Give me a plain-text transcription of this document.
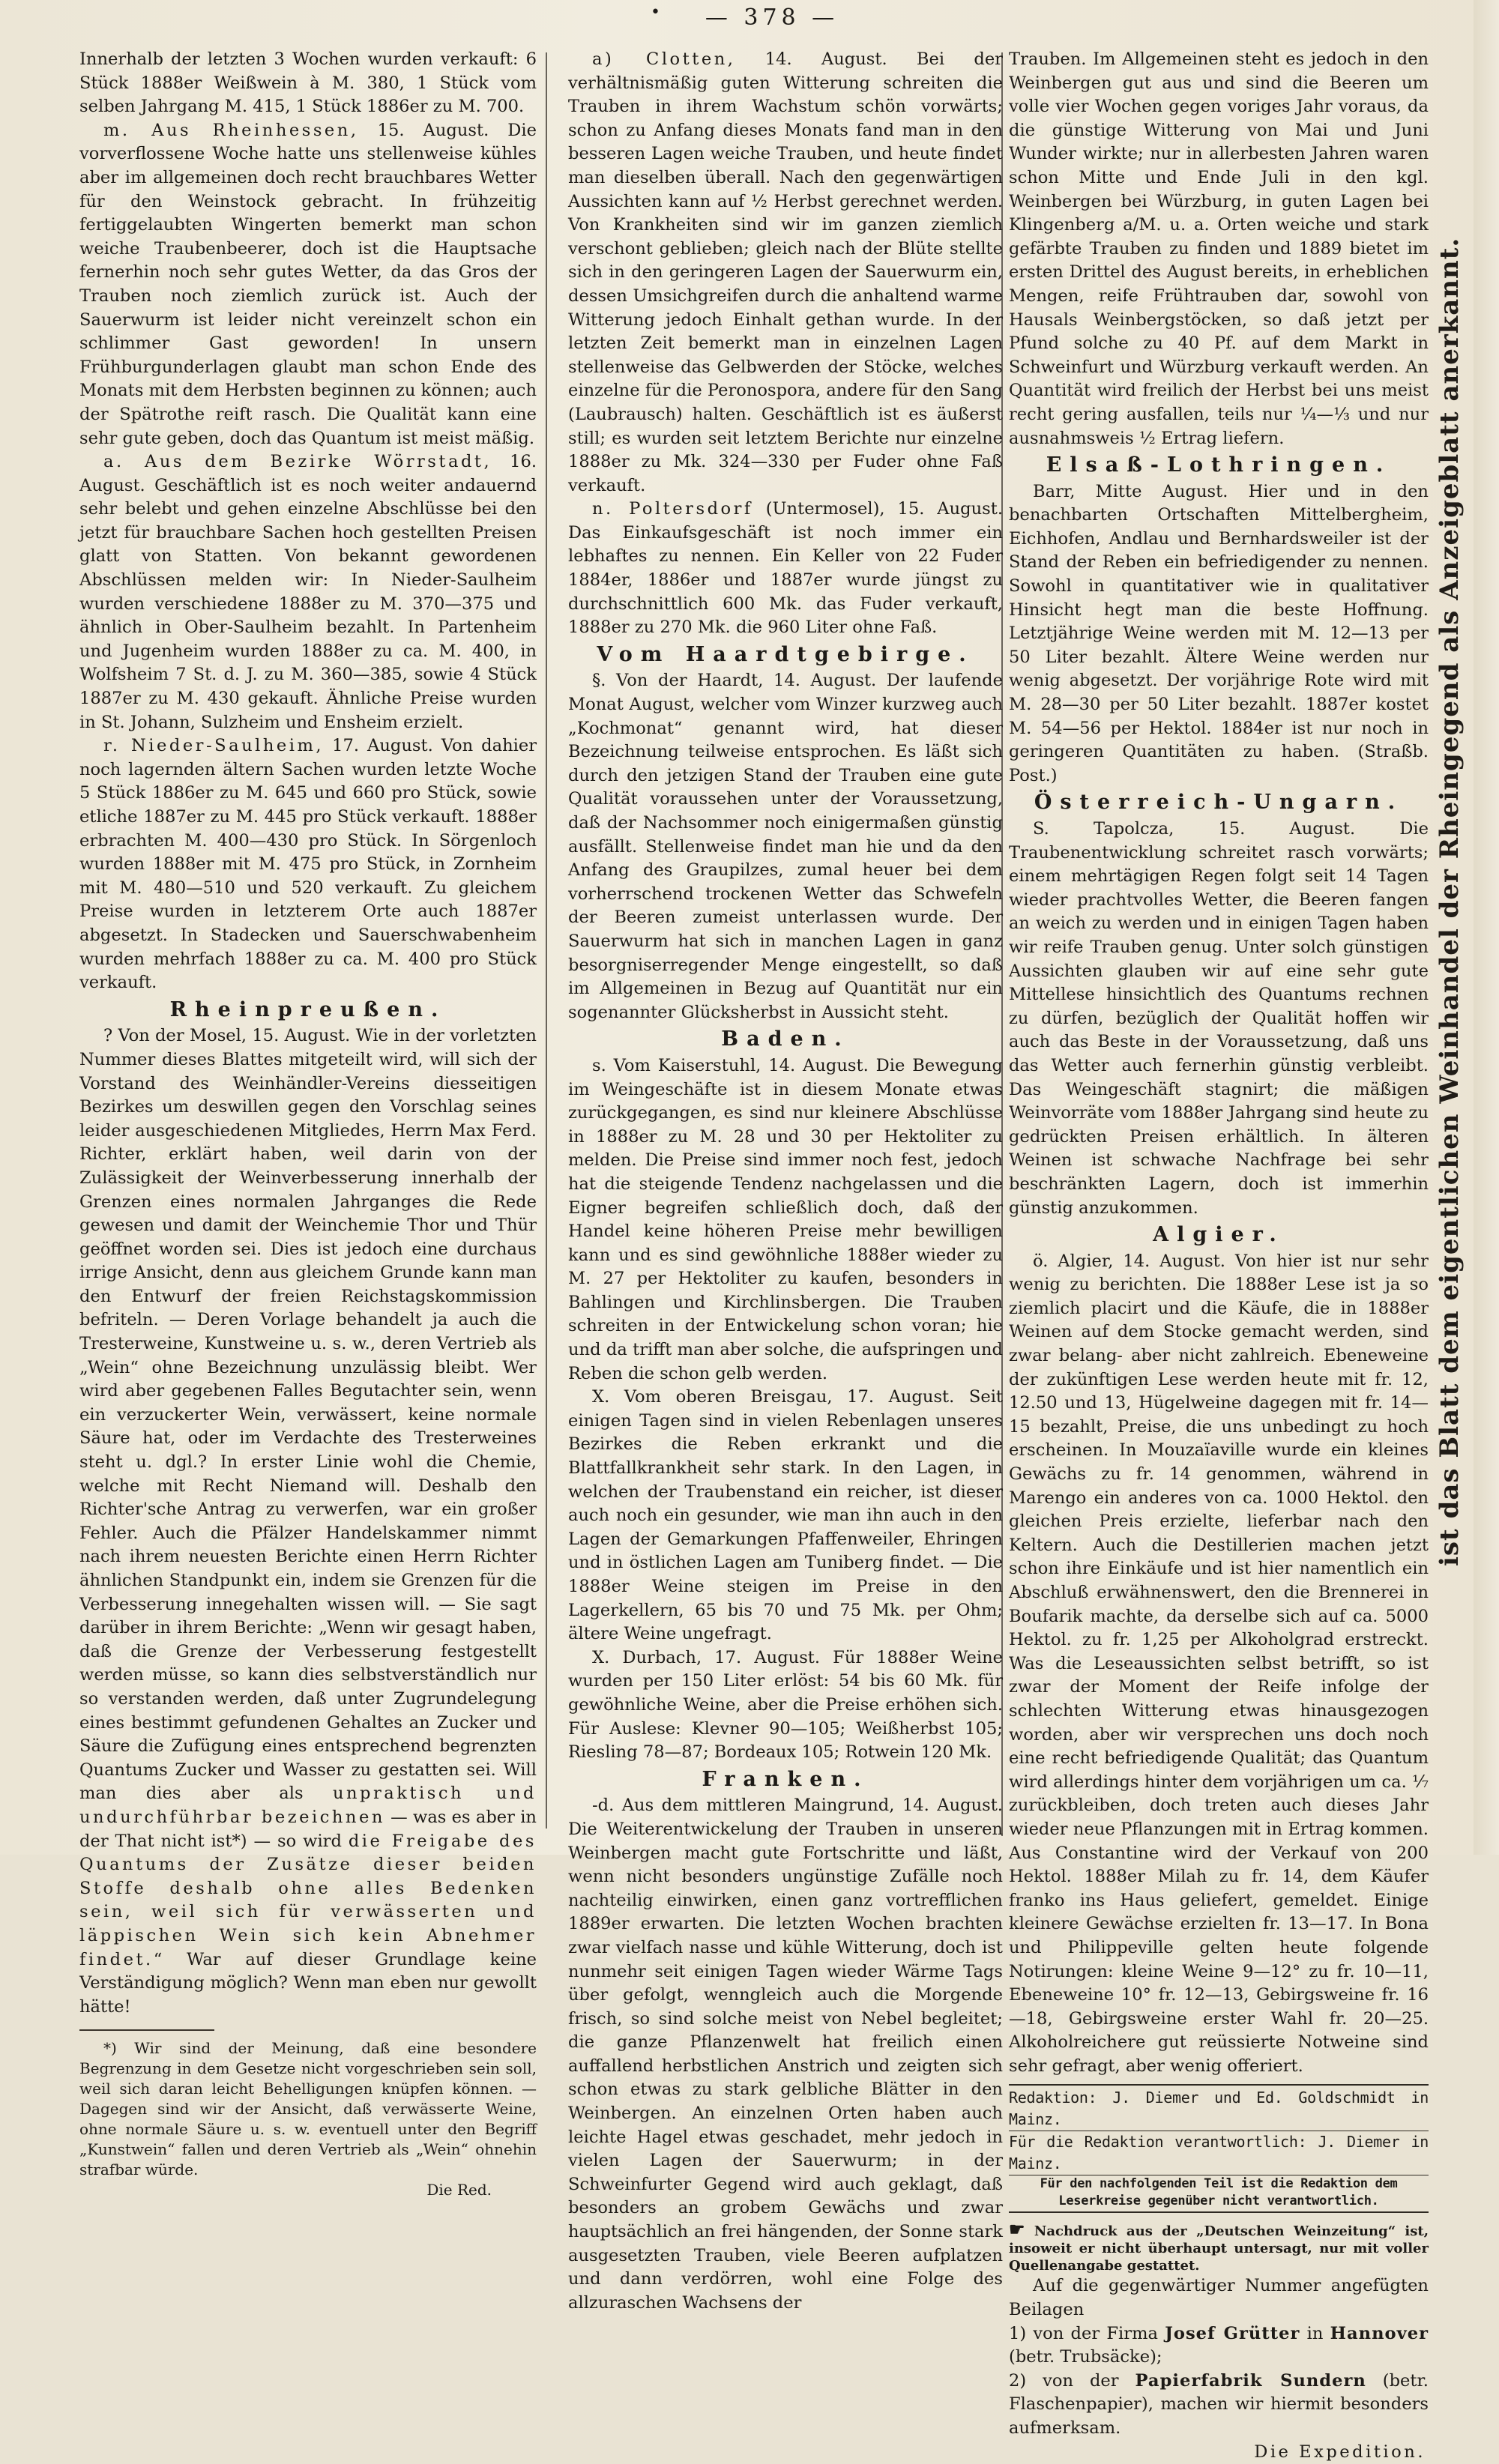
•	— 378 —

Innerhalb der letzten 3 Wochen wurden verkauft: 6 Stück 1888er Weißwein à M. 380, 1 Stück vom selben Jahrgang M. 415, 1 Stück 1886er zu M. 700.

m. Aus Rheinhessen, 15. August. Die vorverflossene Woche hatte uns stellenweise kühles aber im allgemeinen doch recht brauchbares Wetter für den Weinstock gebracht. In frühzeitig fertiggelaubten Wingerten bemerkt man schon weiche Traubenbeerer, doch ist die Hauptsache fernerhin noch sehr gutes Wetter, da das Gros der Trauben noch ziemlich zurück ist. Auch der Sauerwurm ist leider nicht vereinzelt schon ein schlimmer Gast geworden! In unsern Frühburgunderlagen glaubt man schon Ende des Monats mit dem Herbsten beginnen zu können; auch der Spätrothe reift rasch. Die Qualität kann eine sehr gute geben, doch das Quantum ist meist mäßig.

a. Aus dem Bezirke Wörrstadt, 16. August. Geschäftlich ist es noch weiter andauernd sehr belebt und gehen einzelne Abschlüsse bei den jetzt für brauchbare Sachen hoch gestellten Preisen glatt von Statten. Von bekannt gewordenen Abschlüssen melden wir: In Nieder-Saulheim wurden verschiedene 1888er zu M. 370—375 und ähnlich in Ober-Saulheim bezahlt. In Partenheim und Jugenheim wurden 1888er zu ca. M. 400, in Wolfsheim 7 St. d. J. zu M. 360—385, sowie 4 Stück 1887er zu M. 430 gekauft. Ähnliche Preise wurden in St. Johann, Sulzheim und Ensheim erzielt.

r. Nieder-Saulheim, 17. August. Von dahier noch lagernden ältern Sachen wurden letzte Woche 5 Stück 1886er zu M. 645 und 660 pro Stück, sowie etliche 1887er zu M. 445 pro Stück verkauft. 1888er erbrachten M. 400—430 pro Stück. In Sörgenloch wurden 1888er mit M. 475 pro Stück, in Zornheim mit M. 480—510 und 520 verkauft. Zu gleichem Preise wurden in letzterem Orte auch 1887er abgesetzt. In Stadecken und Sauerschwabenheim wurden mehrfach 1888er zu ca. M. 400 pro Stück verkauft.

Rheinpreußen.

? Von der Mosel, 15. August. Wie in der vorletzten Nummer dieses Blattes mitgeteilt wird, will sich der Vorstand des Weinhändler-Vereins diesseitigen Bezirkes um deswillen gegen den Vorschlag seines leider ausgeschiedenen Mitgliedes, Herrn Max Ferd. Richter, erklärt haben, weil darin von der Zulässigkeit der Weinverbesserung innerhalb der Grenzen eines normalen Jahrganges die Rede gewesen und damit der Weinchemie Thor und Thür geöffnet worden sei. Dies ist jedoch eine durchaus irrige Ansicht, denn aus gleichem Grunde kann man den Entwurf der freien Reichstagskommission befriteln. — Deren Vorlage behandelt ja auch die Tresterweine, Kunstweine u. s. w., deren Vertrieb als „Wein“ ohne Bezeichnung unzulässig bleibt. Wer wird aber gegebenen Falles Begutachter sein, wenn ein verzuckerter Wein, verwässert, keine normale Säure hat, oder im Verdachte des Tresterweines steht u. dgl.? In erster Linie wohl die Chemie, welche mit Recht Niemand will. Deshalb den Richter'sche Antrag zu verwerfen, war ein großer Fehler. Auch die Pfälzer Handelskammer nimmt nach ihrem neuesten Berichte einen Herrn Richter ähnlichen Standpunkt ein, indem sie Grenzen für die Verbesserung innegehalten wissen will. — Sie sagt darüber in ihrem Berichte: „Wenn wir gesagt haben, daß die Grenze der Verbesserung festgestellt werden müsse, so kann dies selbstverständlich nur so verstanden werden, daß unter Zugrundelegung eines bestimmt gefundenen Gehaltes an Zucker und Säure die Zufügung eines entsprechend begrenzten Quantums Zucker und Wasser zu gestatten sei. Will man dies aber als unpraktisch und undurchführbar bezeichnen — was es aber in der That nicht ist*) — so wird die Freigabe des Quantums der Zusätze dieser beiden Stoffe deshalb ohne alles Bedenken sein, weil sich für verwässerten und läppischen Wein sich kein Abnehmer findet.“ War auf dieser Grundlage keine Verständigung möglich? Wenn man eben nur gewollt hätte!

*) Wir sind der Meinung, daß eine besondere Begrenzung in dem Gesetze nicht vorgeschrieben sein soll, weil sich daran leicht Behelligungen knüpfen können. — Dagegen sind wir der Ansicht, daß verwässerte Weine, ohne normale Säure u. s. w. eventuell unter den Begriff „Kunstwein“ fallen und deren Vertrieb als „Wein“ ohnehin strafbar würde.

Die Red.

a) Clotten, 14. August. Bei der verhältnismäßig guten Witterung schreiten die Trauben in ihrem Wachstum schön vorwärts; schon zu Anfang dieses Monats fand man in den besseren Lagen weiche Trauben, und heute findet man dieselben überall. Nach den gegenwärtigen Aussichten kann auf ½ Herbst gerechnet werden. Von Krankheiten sind wir im ganzen ziemlich verschont geblieben; gleich nach der Blüte stellte sich in den geringeren Lagen der Sauerwurm ein, dessen Umsichgreifen durch die anhaltend warme Witterung jedoch Einhalt gethan wurde. In der letzten Zeit bemerkt man in einzelnen Lagen stellenweise das Gelbwerden der Stöcke, welches einzelne für die Peronospora, andere für den Sang (Laubrausch) halten. Geschäftlich ist es äußerst still; es wurden seit letztem Berichte nur einzelne 1888er zu Mk. 324—330 per Fuder ohne Faß verkauft.

n. Poltersdorf (Untermosel), 15. August. Das Einkaufsgeschäft ist noch immer ein lebhaftes zu nennen. Ein Keller von 22 Fuder 1884er, 1886er und 1887er wurde jüngst zu durchschnittlich 600 Mk. das Fuder verkauft, 1888er zu 270 Mk. die 960 Liter ohne Faß.

Vom Haardtgebirge.

§. Von der Haardt, 14. August. Der laufende Monat August, welcher vom Winzer kurzweg auch „Kochmonat“ genannt wird, hat dieser Bezeichnung teilweise entsprochen. Es läßt sich durch den jetzigen Stand der Trauben eine gute Qualität voraussehen unter der Voraussetzung, daß der Nachsommer noch einigermaßen günstig ausfällt. Stellenweise findet man hie und da den Anfang des Graupilzes, zumal heuer bei dem vorherrschend trockenen Wetter das Schwefeln der Beeren zumeist unterlassen wurde. Der Sauerwurm hat sich in manchen Lagen in ganz besorgniserregender Menge eingestellt, so daß im Allgemeinen in Bezug auf Quantität nur ein sogenannter Glücksherbst in Aussicht steht.

Baden.

s. Vom Kaiserstuhl, 14. August. Die Bewegung im Weingeschäfte ist in diesem Monate etwas zurückgegangen, es sind nur kleinere Abschlüsse in 1888er zu M. 28 und 30 per Hektoliter zu melden. Die Preise sind immer noch fest, jedoch hat die steigende Tendenz nachgelassen und die Eigner begreifen schließlich doch, daß der Handel keine höheren Preise mehr bewilligen kann und es sind gewöhnliche 1888er wieder zu M. 27 per Hektoliter zu kaufen, besonders in Bahlingen und Kirchlinsbergen. Die Trauben schreiten in der Entwickelung schon voran; hie und da trifft man aber solche, die aufspringen und Reben die schon gelb werden.

X. Vom oberen Breisgau, 17. August. Seit einigen Tagen sind in vielen Rebenlagen unseres Bezirkes die Reben erkrankt und die Blattfallkrankheit sehr stark. In den Lagen, in welchen der Traubenstand ein reicher, ist dieser auch noch ein gesunder, wie man ihn auch in den Lagen der Gemarkungen Pfaffenweiler, Ehringen und in östlichen Lagen am Tuniberg findet. — Die 1888er Weine steigen im Preise in den Lagerkellern, 65 bis 70 und 75 Mk. per Ohm; ältere Weine ungefragt.

X. Durbach, 17. August. Für 1888er Weine wurden per 150 Liter erlöst: 54 bis 60 Mk. für gewöhnliche Weine, aber die Preise erhöhen sich. Für Auslese: Klevner 90—105; Weißherbst 105; Riesling 78—87; Bordeaux 105; Rotwein 120 Mk.

Franken.

-d. Aus dem mittleren Maingrund, 14. August. Die Weiterentwickelung der Trauben in unseren Weinbergen macht gute Fortschritte und läßt, wenn nicht besonders ungünstige Zufälle noch nachteilig einwirken, einen ganz vortrefflichen 1889er erwarten. Die letzten Wochen brachten zwar vielfach nasse und kühle Witterung, doch ist nunmehr seit einigen Tagen wieder Wärme Tags über gefolgt, wenngleich auch die Morgende frisch, so sind solche meist von Nebel begleitet; die ganze Pflanzenwelt hat freilich einen auffallend herbstlichen Anstrich und zeigten sich schon etwas zu stark gelbliche Blätter in den Weinbergen. An einzelnen Orten haben auch leichte Hagel etwas geschadet, mehr jedoch in vielen Lagen der Sauerwurm; in der Schweinfurter Gegend wird auch geklagt, daß besonders an grobem Gewächs und zwar hauptsächlich an frei hängenden, der Sonne stark ausgesetzten Trauben, viele Beeren aufplatzen und dann verdörren, wohl eine Folge des allzuraschen Wachsens der

Trauben. Im Allgemeinen steht es jedoch in den Weinbergen gut aus und sind die Beeren um volle vier Wochen gegen voriges Jahr voraus, da die günstige Witterung von Mai und Juni Wunder wirkte; nur in allerbesten Jahren waren schon Mitte und Ende Juli in den kgl. Weinbergen bei Würzburg, in guten Lagen bei Klingenberg a/M. u. a. Orten weiche und stark gefärbte Trauben zu finden und 1889 bietet im ersten Drittel des August bereits, in erheblichen Mengen, reife Frühtrauben dar, sowohl von Hausals Weinbergstöcken, so daß jetzt per Pfund solche zu 40 Pf. auf dem Markt in Schweinfurt und Würzburg verkauft werden. An Quantität wird freilich der Herbst bei uns meist recht gering ausfallen, teils nur ¼—⅓ und nur ausnahmsweis ½ Ertrag liefern.

Elsaß-Lothringen.

Barr, Mitte August. Hier und in den benachbarten Ortschaften Mittelbergheim, Eichhofen, Andlau und Bernhardsweiler ist der Stand der Reben ein befriedigender zu nennen. Sowohl in quantitativer wie in qualitativer Hinsicht hegt man die beste Hoffnung. Letztjährige Weine werden mit M. 12—13 per 50 Liter bezahlt. Ältere Weine werden nur wenig abgesetzt. Der vorjährige Rote wird mit M. 28—30 per 50 Liter bezahlt. 1887er kostet M. 54—56 per Hektol. 1884er ist nur noch in geringeren Quantitäten zu haben. (Straßb. Post.)

Österreich-Ungarn.

S. Tapolcza, 15. August. Die Traubenentwicklung schreitet rasch vorwärts; einem mehrtägigen Regen folgt seit 14 Tagen wieder prachtvolles Wetter, die Beeren fangen an weich zu werden und in einigen Tagen haben wir reife Trauben genug. Unter solch günstigen Aussichten glauben wir auf eine sehr gute Mittellese hinsichtlich des Quantums rechnen zu dürfen, bezüglich der Qualität hoffen wir auch das Beste in der Voraussetzung, daß uns das Wetter auch fernerhin günstig verbleibt. Das Weingeschäft stagnirt; die mäßigen Weinvorräte vom 1888er Jahrgang sind heute zu gedrückten Preisen erhältlich. In älteren Weinen ist schwache Nachfrage bei sehr beschränkten Lagern, doch ist immerhin günstig anzukommen.

Algier.

ö. Algier, 14. August. Von hier ist nur sehr wenig zu berichten. Die 1888er Lese ist ja so ziemlich placirt und die Käufe, die in 1888er Weinen auf dem Stocke gemacht werden, sind zwar belang- aber nicht zahlreich. Ebeneweine der zukünftigen Lese werden heute mit fr. 12, 12.50 und 13, Hügelweine dagegen mit fr. 14—15 bezahlt, Preise, die uns unbedingt zu hoch erscheinen. In Mouzaïaville wurde ein kleines Gewächs zu fr. 14 genommen, während in Marengo ein anderes von ca. 1000 Hektol. den gleichen Preis erzielte, lieferbar nach den Keltern. Auch die Destillerien machen jetzt schon ihre Einkäufe und ist hier namentlich ein Abschluß erwähnenswert, den die Brennerei in Boufarik machte, da derselbe sich auf ca. 5000 Hektol. zu fr. 1,25 per Alkoholgrad erstreckt. Was die Leseaussichten selbst betrifft, so ist zwar der Moment der Reife infolge der schlechten Witterung etwas hinausgezogen worden, aber wir versprechen uns doch noch eine recht befriedigende Qualität; das Quantum wird allerdings hinter dem vorjährigen um ca. ⅐ zurückbleiben, doch treten auch dieses Jahr wieder neue Pflanzungen mit in Ertrag kommen. Aus Constantine wird der Verkauf von 200 Hektol. 1888er Milah zu fr. 14, dem Käufer franko ins Haus geliefert, gemeldet. Einige kleinere Gewächse erzielten fr. 13—17. In Bona und Philippeville gelten heute folgende Notirungen: kleine Weine 9—12° zu fr. 10—11, Ebeneweine 10° fr. 12—13, Gebirgsweine fr. 16—18, Gebirgsweine erster Wahl fr. 20—25. Alkoholreichere gut reüssierte Notweine sind sehr gefragt, aber wenig offeriert.

Redaktion: J. Diemer und Ed. Goldschmidt in Mainz.
Für die Redaktion verantwortlich: J. Diemer in Mainz.
Für den nachfolgenden Teil ist die Redaktion dem Leserkreise gegenüber nicht verantwortlich.
☛ Nachdruck aus der „Deutschen Weinzeitung“ ist, insoweit er nicht überhaupt untersagt, nur mit voller Quellenangabe gestattet.

Auf die gegenwärtiger Nummer angefügten Beilagen

1) von der Firma Josef Grütter in Hannover (betr. Trubsäcke);

2) von der Papierfabrik Sundern (betr. Flaschenpapier), machen wir hiermit besonders aufmerksam.

Die Expedition.
ist das Blatt dem eigentlichen Weinhandel der Rheingegend als Anzeigeblatt anerkannt.
